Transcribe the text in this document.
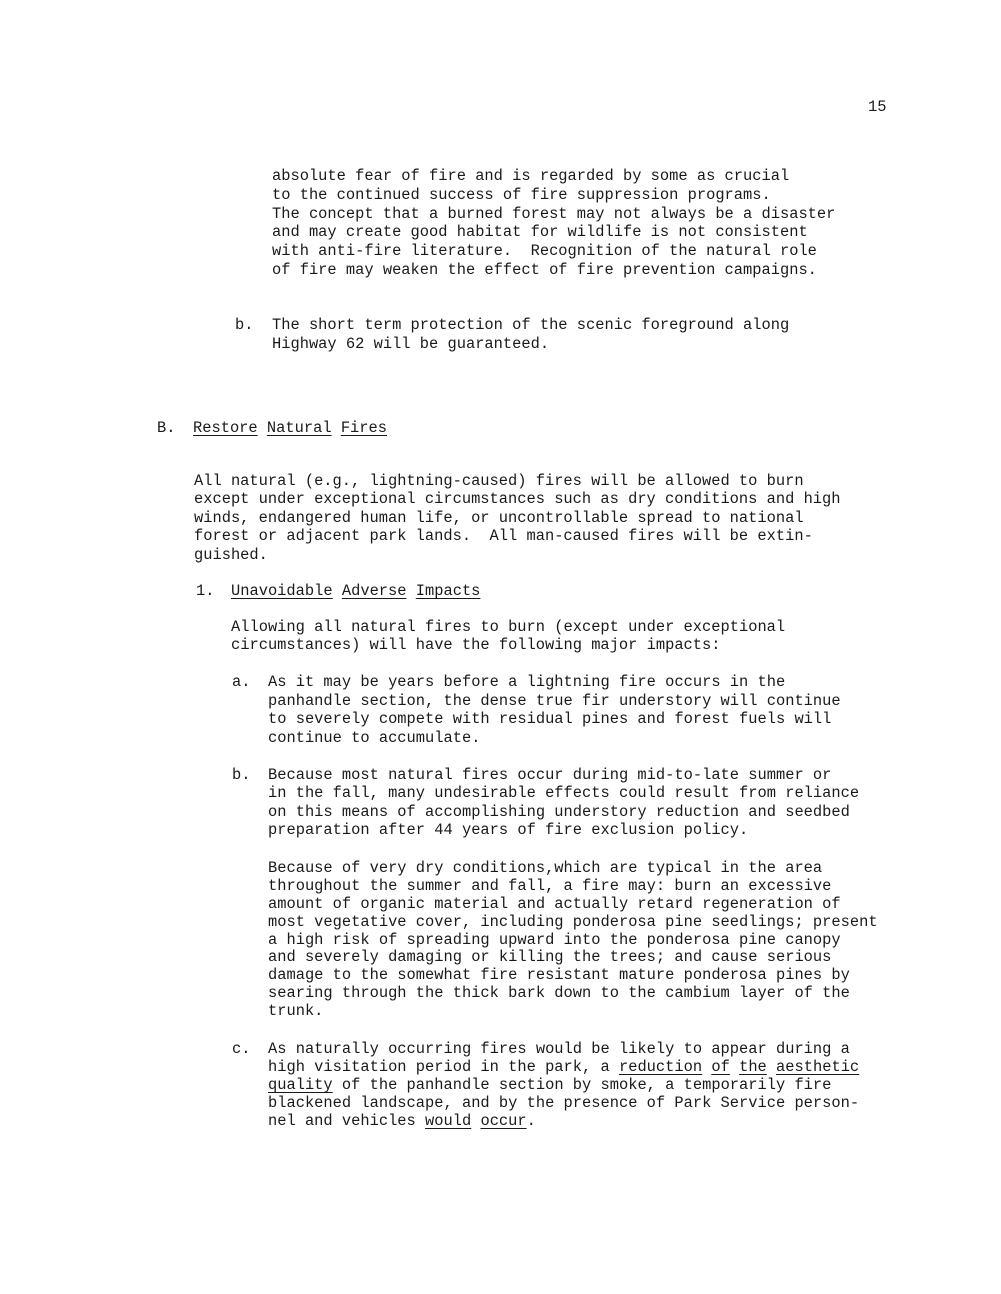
15
absolute fear of fire and is regarded by some as crucial
to the continued success of fire suppression programs.
The concept that a burned forest may not always be a disaster
and may create good habitat for wildlife is not consistent
with anti-fire literature.  Recognition of the natural role
of fire may weaken the effect of fire prevention campaigns.
b. The short term protection of the scenic foreground along
Highway 62 will be guaranteed.
B. Restore Natural Fires
All natural (e.g., lightning-caused) fires will be allowed to burn
except under exceptional circumstances such as dry conditions and high
winds, endangered human life, or uncontrollable spread to national
forest or adjacent park lands.  All man-caused fires will be extin-
guished.
1. Unavoidable Adverse Impacts
Allowing all natural fires to burn (except under exceptional
circumstances) will have the following major impacts:
a. As it may be years before a lightning fire occurs in the
panhandle section, the dense true fir understory will continue
to severely compete with residual pines and forest fuels will
continue to accumulate.
b. Because most natural fires occur during mid-to-late summer or
in the fall, many undesirable effects could result from reliance
on this means of accomplishing understory reduction and seedbed
preparation after 44 years of fire exclusion policy.
Because of very dry conditions,which are typical in the area
throughout the summer and fall, a fire may: burn an excessive
amount of organic material and actually retard regeneration of
most vegetative cover, including ponderosa pine seedlings; present
a high risk of spreading upward into the ponderosa pine canopy
and severely damaging or killing the trees; and cause serious
damage to the somewhat fire resistant mature ponderosa pines by
searing through the thick bark down to the cambium layer of the
trunk.
c. As naturally occurring fires would be likely to appear during a
high visitation period in the park, a reduction of the aesthetic
quality of the panhandle section by smoke, a temporarily fire
blackened landscape, and by the presence of Park Service person-
nel and vehicles would occur.
